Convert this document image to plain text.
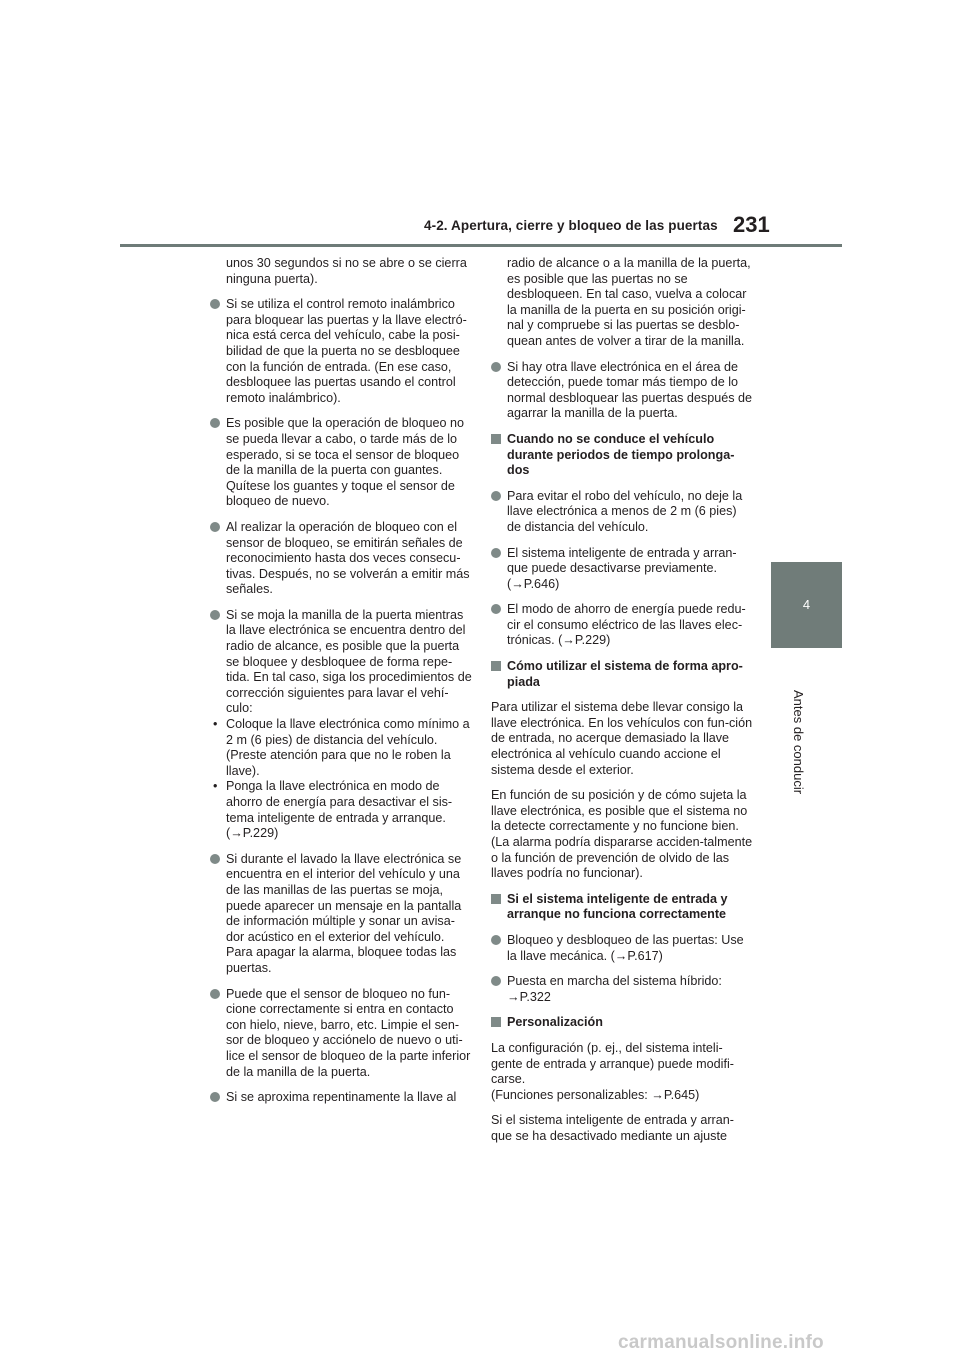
4-2. Apertura, cierre y bloqueo de las puertas 231
4
Antes de conducir

unos 30 segundos si no se abre o se cierra ninguna puerta).

Si se utiliza el control remoto inalámbrico para bloquear las puertas y la llave electró-nica está cerca del vehículo, cabe la posi-bilidad de que la puerta no se desbloquee con la función de entrada. (En ese caso, desbloquee las puertas usando el control remoto inalámbrico).
Es posible que la operación de bloqueo no se pueda llevar a cabo, o tarde más de lo esperado, si se toca el sensor de bloqueo de la manilla de la puerta con guantes. Quítese los guantes y toque el sensor de bloqueo de nuevo.
Al realizar la operación de bloqueo con el sensor de bloqueo, se emitirán señales de reconocimiento hasta dos veces consecu-tivas. Después, no se volverán a emitir más señales.
Si se moja la manilla de la puerta mientras la llave electrónica se encuentra dentro del radio de alcance, es posible que la puerta se bloquee y desbloquee de forma repe-tida. En tal caso, siga los procedimientos de corrección siguientes para lavar el vehí-culo:
• Coloque la llave electrónica como mínimo a 2 m (6 pies) de distancia del vehículo. (Preste atención para que no le roben la llave).
• Ponga la llave electrónica en modo de ahorro de energía para desactivar el sis-tema inteligente de entrada y arranque. (→P.229)
Si durante el lavado la llave electrónica se encuentra en el interior del vehículo y una de las manillas de las puertas se moja, puede aparecer un mensaje en la pantalla de información múltiple y sonar un avisa-dor acústico en el exterior del vehículo. Para apagar la alarma, bloquee todas las puertas.
Puede que el sensor de bloqueo no fun-cione correctamente si entra en contacto con hielo, nieve, barro, etc. Limpie el sen-sor de bloqueo y acciónelo de nuevo o uti-lice el sensor de bloqueo de la parte inferior de la manilla de la puerta.
Si se aproxima repentinamente la llave al

radio de alcance o a la manilla de la puerta, es posible que las puertas no se desbloqueen. En tal caso, vuelva a colocar la manilla de la puerta en su posición origi-nal y compruebe si las puertas se desblo-quean antes de volver a tirar de la manilla.

Si hay otra llave electrónica en el área de detección, puede tomar más tiempo de lo normal desbloquear las puertas después de agarrar la manilla de la puerta.
Cuando no se conduce el vehículo durante periodos de tiempo prolonga-dos
Para evitar el robo del vehículo, no deje la llave electrónica a menos de 2 m (6 pies) de distancia del vehículo.
El sistema inteligente de entrada y arran-que puede desactivarse previamente. (→P.646)
El modo de ahorro de energía puede redu-cir el consumo eléctrico de las llaves elec-trónicas. (→P.229)
Cómo utilizar el sistema de forma apro-piada

Para utilizar el sistema debe llevar consigo la llave electrónica. En los vehículos con fun-ción de entrada, no acerque demasiado la llave electrónica al vehículo cuando accione el sistema desde el exterior.

En función de su posición y de cómo sujeta la llave electrónica, es posible que el sistema no la detecte correctamente y no funcione bien. (La alarma podría dispararse acciden-talmente o la función de prevención de olvido de las llaves podría no funcionar).

Si el sistema inteligente de entrada y arranque no funciona correctamente
Bloqueo y desbloqueo de las puertas: Use la llave mecánica. (→P.617)
Puesta en marcha del sistema híbrido: →P.322
Personalización

La configuración (p. ej., del sistema inteli-gente de entrada y arranque) puede modifi-carse.

(Funciones personalizables: →P.645)

Si el sistema inteligente de entrada y arran-que se ha desactivado mediante un ajuste

carmanualsonline.info
